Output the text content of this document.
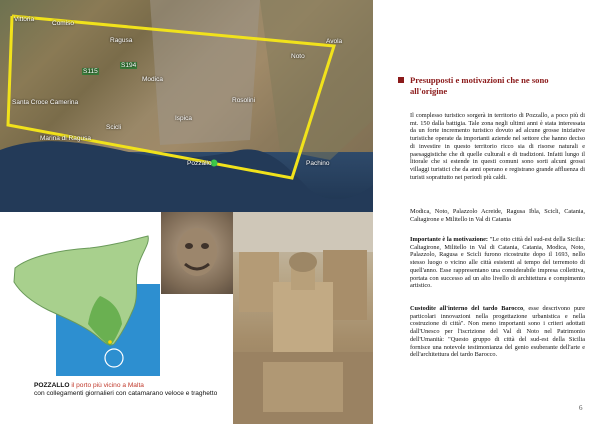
Vittoria
Comiso
Ragusa
Modica
Noto
Avola
Rosolini
Ispica
Scicli
Santa Croce Camerina
Marina di Ragusa
Pozzallo	Pachino
S115
S194
Presupposti e motivazioni che ne sono all'origine
Il complesso turistico sorgerà in territorio di Pozzallo, a poco più di mt. 150 dalla battigia. Tale zona negli ultimi anni è stata interessata da un forte incremento turistico dovuto ad alcune grosse iniziative turistiche operate da importanti aziende nel settore che hanno deciso di investire in questo territorio ricco sia di risorse naturali e paesaggistiche che di quelle culturali e di tradizioni. Infatti lungo il litorale che si estende in questi comuni sono sorti alcuni grossi villaggi turistici che da anni operano e registrano grande affluenza di turisti soprattutto nei periodi più caldi.
Modica, Noto, Palazzolo Acreide, Ragusa Ibla, Scicli, Catania, Caltagirone e Militello in Val di Catania
Importante è la motivazione: "Le otto città del sud-est della Sicilia: Caltagirone, Militello in Val di Catania, Catania, Modica, Noto, Palazzolo, Ragusa e Scicli furono ricostruite dopo il 1693, nello stesso luogo o vicino alle città esistenti al tempo del terremoto di quell'anno. Esse rappresentano una considerabile impresa collettiva, portata con successo ad un alto livello di architettura e compimento artistico.
Custodite all'interno del tardo Barocco, esse descrivono pure particolari innovazioni nella progettazione urbanistica e nella costruzione di città". Non meno importanti sono i criteri adottati dall'Unesco per l'iscrizione del Val di Noto nel Patrimonio dell'Umanità: "Questo gruppo di città del sud-est della Sicilia fornisce una notevole testimonianza del genio esuberante dell'arte e dell'architettura del tardo Barocco.
POZZALLO il porto più vicino a Malta
con collegamenti giornalieri con catamarano veloce e traghetto
6
